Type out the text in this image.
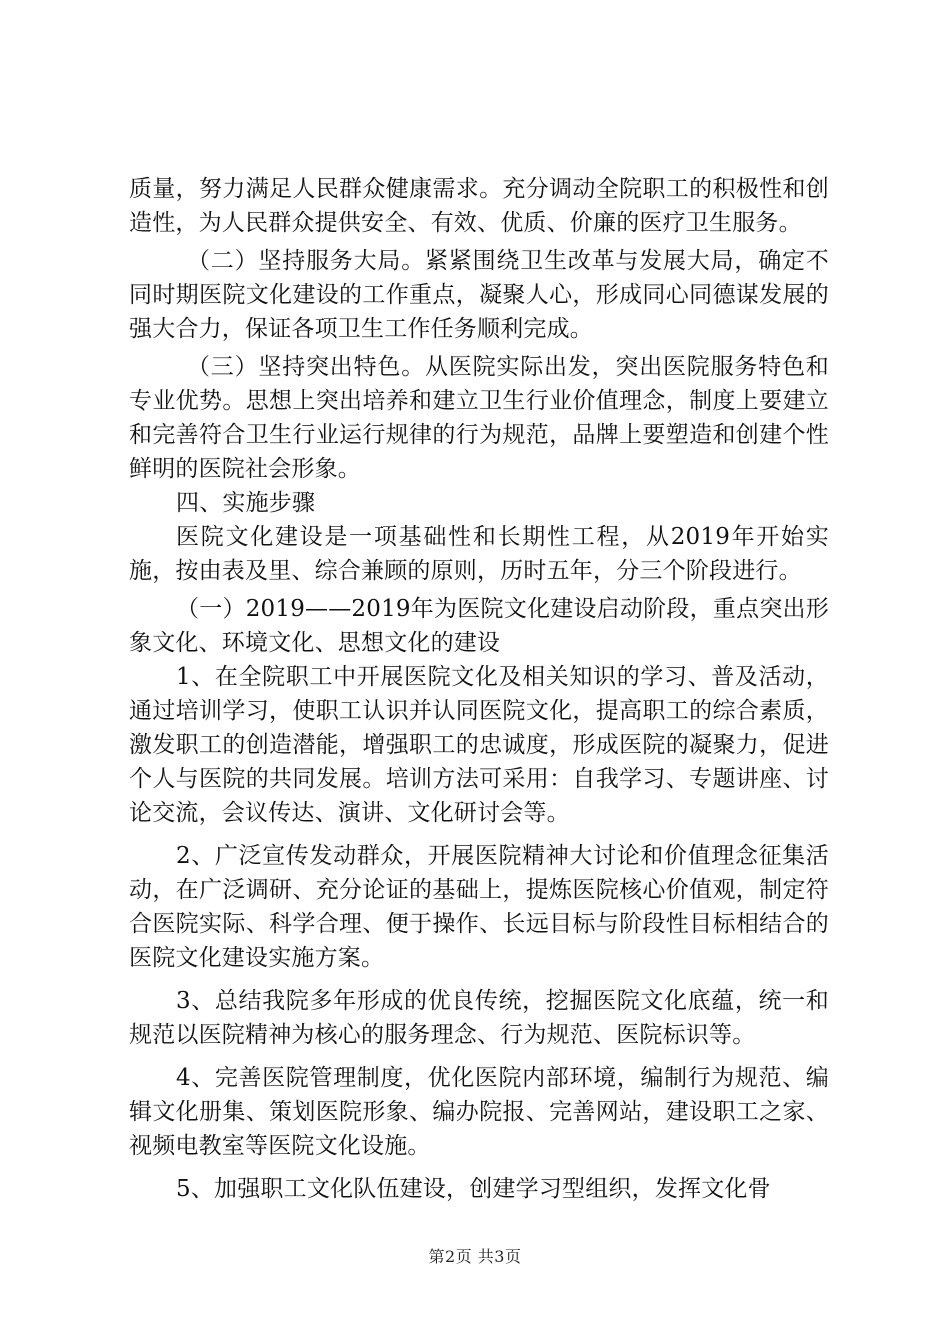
质量，努力满足人民群众健康需求。充分调动全院职工的积极性和创造性，为人民群众提供安全、有效、优质、价廉的医疗卫生服务。

（二）坚持服务大局。紧紧围绕卫生改革与发展大局，确定不同时期医院文化建设的工作重点，凝聚人心，形成同心同德谋发展的强大合力，保证各项卫生工作任务顺利完成。

（三）坚持突出特色。从医院实际出发，突出医院服务特色和专业优势。思想上突出培养和建立卫生行业价值理念，制度上要建立和完善符合卫生行业运行规律的行为规范，品牌上要塑造和创建个性鲜明的医院社会形象。

四、实施步骤

医院文化建设是一项基础性和长期性工程，从2019年开始实施，按由表及里、综合兼顾的原则，历时五年，分三个阶段进行。

（一）2019——2019年为医院文化建设启动阶段，重点突出形象文化、环境文化、思想文化的建设

1、在全院职工中开展医院文化及相关知识的学习、普及活动，通过培训学习，使职工认识并认同医院文化，提高职工的综合素质，激发职工的创造潜能，增强职工的忠诚度，形成医院的凝聚力，促进个人与医院的共同发展。培训方法可采用：自我学习、专题讲座、讨论交流，会议传达、演讲、文化研讨会等。

2、广泛宣传发动群众，开展医院精神大讨论和价值理念征集活动，在广泛调研、充分论证的基础上，提炼医院核心价值观，制定符合医院实际、科学合理、便于操作、长远目标与阶段性目标相结合的医院文化建设实施方案。

3、总结我院多年形成的优良传统，挖掘医院文化底蕴，统一和规范以医院精神为核心的服务理念、行为规范、医院标识等。

4、完善医院管理制度，优化医院内部环境，编制行为规范、编辑文化册集、策划医院形象、编办院报、完善网站，建设职工之家、视频电教室等医院文化设施。

5、加强职工文化队伍建设，创建学习型组织，发挥文化骨

第2页 共3页
